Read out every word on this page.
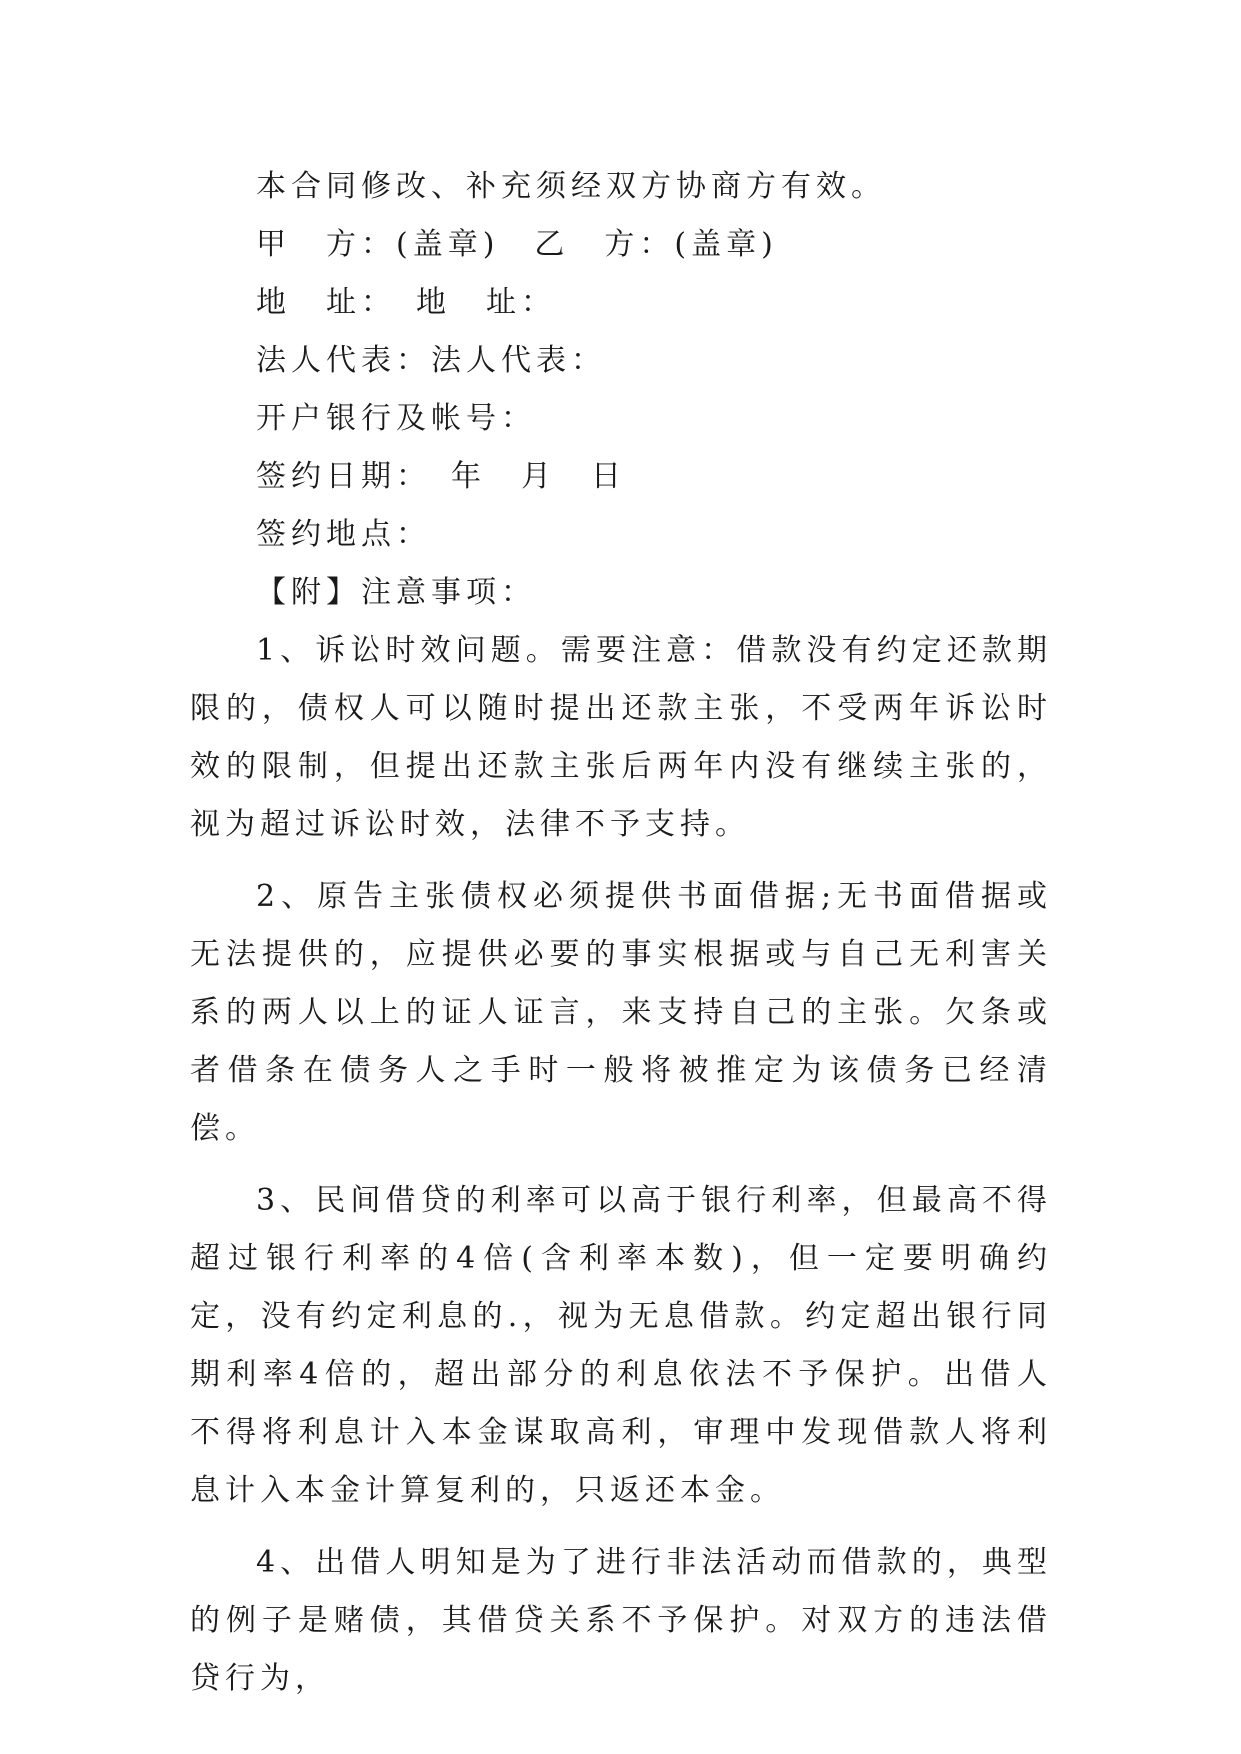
本合同修改、补充须经双方协商方有效。
甲　方：(盖章)　乙　方：(盖章)
地　址：　地　址：
法人代表：法人代表：
开户银行及帐号：
签约日期：　年　月　日
签约地点：
【附】注意事项：

1、诉讼时效问题。需要注意：借款没有约定还款期限的，债权人可以随时提出还款主张，不受两年诉讼时效的限制，但提出还款主张后两年内没有继续主张的，视为超过诉讼时效，法律不予支持。

2、原告主张债权必须提供书面借据;无书面借据或无法提供的，应提供必要的事实根据或与自己无利害关系的两人以上的证人证言，来支持自己的主张。欠条或者借条在债务人之手时一般将被推定为该债务已经清偿。

3、民间借贷的利率可以高于银行利率，但最高不得超过银行利率的4倍(含利率本数)，但一定要明确约定，没有约定利息的.，视为无息借款。约定超出银行同期利率4倍的，超出部分的利息依法不予保护。出借人不得将利息计入本金谋取高利，审理中发现借款人将利息计入本金计算复利的，只返还本金。

4、出借人明知是为了进行非法活动而借款的，典型的例子是赌债，其借贷关系不予保护。对双方的违法借贷行为，
